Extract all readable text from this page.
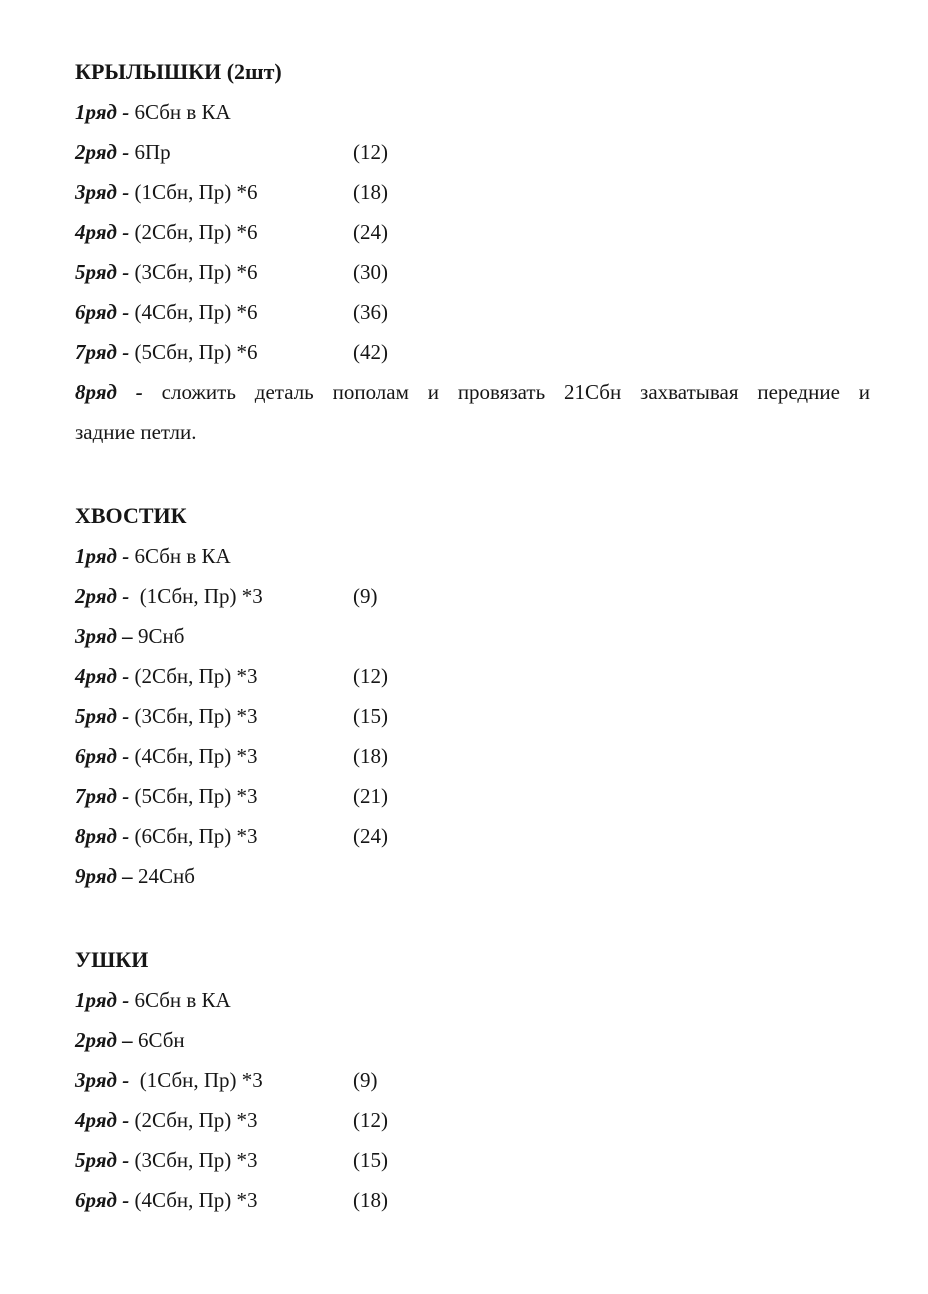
КРЫЛЫШКИ (2шт)
1ряд - 6Сбн в КА
2ряд - 6Пр	(12)
3ряд - (1Сбн, Пр) *6	(18)
4ряд - (2Сбн, Пр) *6	(24)
5ряд - (3Сбн, Пр) *6	(30)
6ряд - (4Сбн, Пр) *6	(36)
7ряд - (5Сбн, Пр) *6	(42)
8ряд - сложить деталь пополам и провязать 21Сбн захватывая передние и
задние петли.
ХВОСТИК
1ряд - 6Сбн в КА
2ряд -  (1Сбн, Пр) *3	(9)
3ряд – 9Снб
4ряд - (2Сбн, Пр) *3	(12)
5ряд - (3Сбн, Пр) *3	(15)
6ряд - (4Сбн, Пр) *3	(18)
7ряд - (5Сбн, Пр) *3	(21)
8ряд - (6Сбн, Пр) *3	(24)
9ряд – 24Снб
УШКИ
1ряд - 6Сбн в КА
2ряд – 6Сбн
3ряд -  (1Сбн, Пр) *3	(9)
4ряд - (2Сбн, Пр) *3	(12)
5ряд - (3Сбн, Пр) *3	(15)
6ряд - (4Сбн, Пр) *3	(18)
